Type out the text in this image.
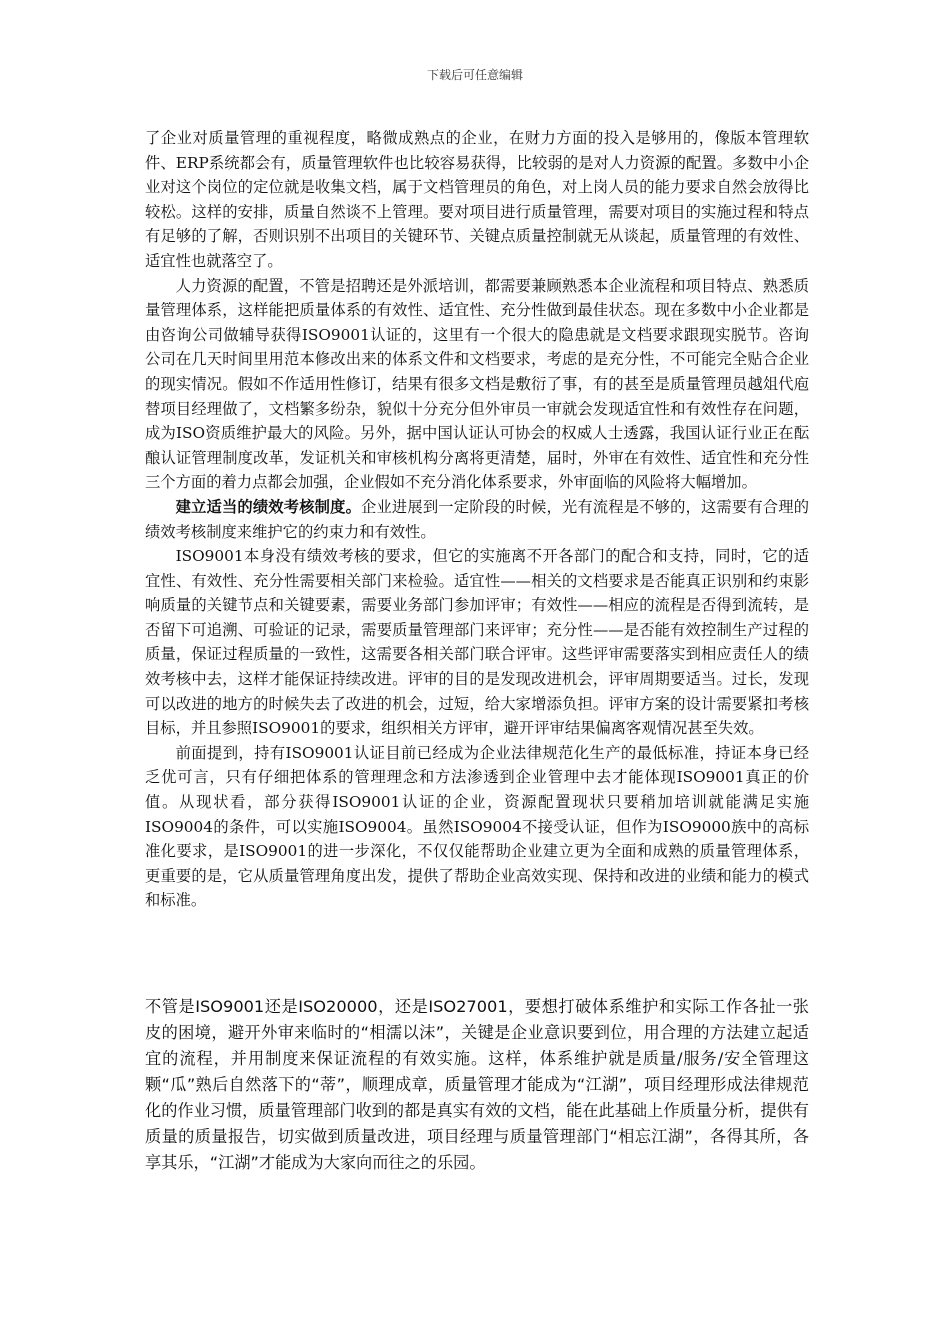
下载后可任意编辑

了企业对质量管理的重视程度，略微成熟点的企业，在财力方面的投入是够用的，像版本管理软件、ERP系统都会有，质量管理软件也比较容易获得，比较弱的是对人力资源的配置。多数中小企业对这个岗位的定位就是收集文档，属于文档管理员的角色，对上岗人员的能力要求自然会放得比较松。这样的安排，质量自然谈不上管理。要对项目进行质量管理，需要对项目的实施过程和特点有足够的了解，否则识别不出项目的关键环节、关键点质量控制就无从谈起，质量管理的有效性、适宜性也就落空了。

人力资源的配置，不管是招聘还是外派培训，都需要兼顾熟悉本企业流程和项目特点、熟悉质量管理体系，这样能把质量体系的有效性、适宜性、充分性做到最佳状态。现在多数中小企业都是由咨询公司做辅导获得ISO9001认证的，这里有一个很大的隐患就是文档要求跟现实脱节。咨询公司在几天时间里用范本修改出来的体系文件和文档要求，考虑的是充分性，不可能完全贴合企业的现实情况。假如不作适用性修订，结果有很多文档是敷衍了事，有的甚至是质量管理员越俎代庖替项目经理做了，文档繁多纷杂，貌似十分充分但外审员一审就会发现适宜性和有效性存在问题，成为ISO资质维护最大的风险。另外，据中国认证认可协会的权威人士透露，我国认证行业正在酝酿认证管理制度改革，发证机关和审核机构分离将更清楚，届时，外审在有效性、适宜性和充分性三个方面的着力点都会加强，企业假如不充分消化体系要求，外审面临的风险将大幅增加。

建立适当的绩效考核制度。企业进展到一定阶段的时候，光有流程是不够的，这需要有合理的绩效考核制度来维护它的约束力和有效性。

ISO9001本身没有绩效考核的要求，但它的实施离不开各部门的配合和支持，同时，它的适宜性、有效性、充分性需要相关部门来检验。适宜性——相关的文档要求是否能真正识别和约束影响质量的关键节点和关键要素，需要业务部门参加评审；有效性——相应的流程是否得到流转，是否留下可追溯、可验证的记录，需要质量管理部门来评审；充分性——是否能有效控制生产过程的质量，保证过程质量的一致性，这需要各相关部门联合评审。这些评审需要落实到相应责任人的绩效考核中去，这样才能保证持续改进。评审的目的是发现改进机会，评审周期要适当。过长，发现可以改进的地方的时候失去了改进的机会，过短，给大家增添负担。评审方案的设计需要紧扣考核目标，并且参照ISO9001的要求，组织相关方评审，避开评审结果偏离客观情况甚至失效。

前面提到，持有ISO9001认证目前已经成为企业法律规范化生产的最低标准，持证本身已经乏优可言，只有仔细把体系的管理理念和方法渗透到企业管理中去才能体现ISO9001真正的价值。从现状看，部分获得ISO9001认证的企业，资源配置现状只要稍加培训就能满足实施ISO9004的条件，可以实施ISO9004。虽然ISO9004不接受认证，但作为ISO9000族中的高标准化要求，是ISO9001的进一步深化，不仅仅能帮助企业建立更为全面和成熟的质量管理体系，更重要的是，它从质量管理角度出发，提供了帮助企业高效实现、保持和改进的业绩和能力的模式和标准。

不管是ISO9001还是ISO20000，还是ISO27001，要想打破体系维护和实际工作各扯一张皮的困境，避开外审来临时的“相濡以沫”，关键是企业意识要到位，用合理的方法建立起适宜的流程，并用制度来保证流程的有效实施。这样，体系维护就是质量/服务/安全管理这颗“瓜”熟后自然落下的“蒂”，顺理成章，质量管理才能成为“江湖”，项目经理形成法律规范化的作业习惯，质量管理部门收到的都是真实有效的文档，能在此基础上作质量分析，提供有质量的质量报告，切实做到质量改进，项目经理与质量管理部门“相忘江湖”，各得其所，各享其乐，“江湖”才能成为大家向而往之的乐园。
